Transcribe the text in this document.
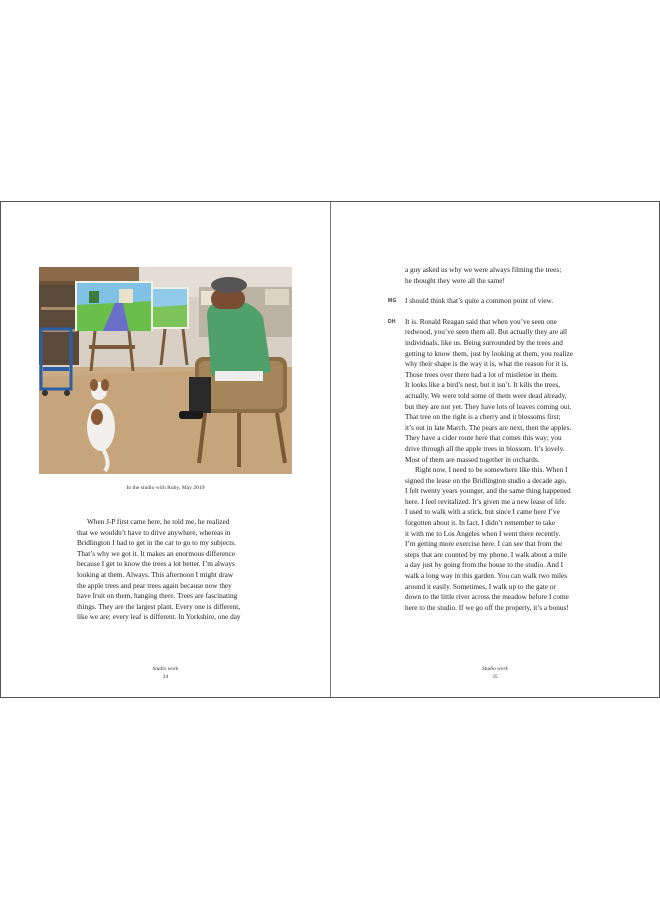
In the studio with Ruby, May 2019
When J-P first came here, he told me, he realized
that we wouldn’t have to drive anywhere, whereas in
Bridlington I had to get in the car to go to my subjects.
That’s why we got it. It makes an enormous difference
because I get to know the trees a lot better. I’m always
looking at them. Always. This afternoon I might draw
the apple trees and pear trees again because now they
have fruit on them, hanging there. Trees are fascinating
things. They are the largest plant. Every one is different,
like we are; every leaf is different. In Yorkshire, one day
Studio work
34
a guy asked us why we were always filming the trees;
he thought they were all the same!
MG I should think that’s quite a common point of view.
DH It is. Ronald Reagan said that when you’ve seen one
redwood, you’ve seen them all. But actually they are all
individuals, like us. Being surrounded by the trees and
getting to know them, just by looking at them, you realize
why their shape is the way it is, what the reason for it is.
Those trees over there had a lot of mistletoe in them.
It looks like a bird’s nest, but it isn’t. It kills the trees,
actually. We were told some of them were dead already,
but they are not yet. They have lots of leaves coming out.
That tree on the right is a cherry and it blossoms first;
it’s out in late March. The pears are next, then the apples.
They have a cider route here that comes this way; you
drive through all the apple trees in blossom. It’s lovely.
Most of them are massed together in orchards.
Right now, I need to be somewhere like this. When I
signed the lease on the Bridlington studio a decade ago,
I felt twenty years younger, and the same thing happened
here. I feel revitalized. It’s given me a new lease of life.
I used to walk with a stick, but since I came here I’ve
forgotten about it. In fact, I didn’t remember to take
it with me to Los Angeles when I went there recently.
I’m getting more exercise here. I can see that from the
steps that are counted by my phone. I walk about a mile
a day just by going from the house to the studio. And I
walk a long way in this garden. You can walk two miles
around it easily. Sometimes, I walk up to the gate or
down to the little river across the meadow before I come
here to the studio. If we go off the property, it’s a bonus!
Studio work
35
